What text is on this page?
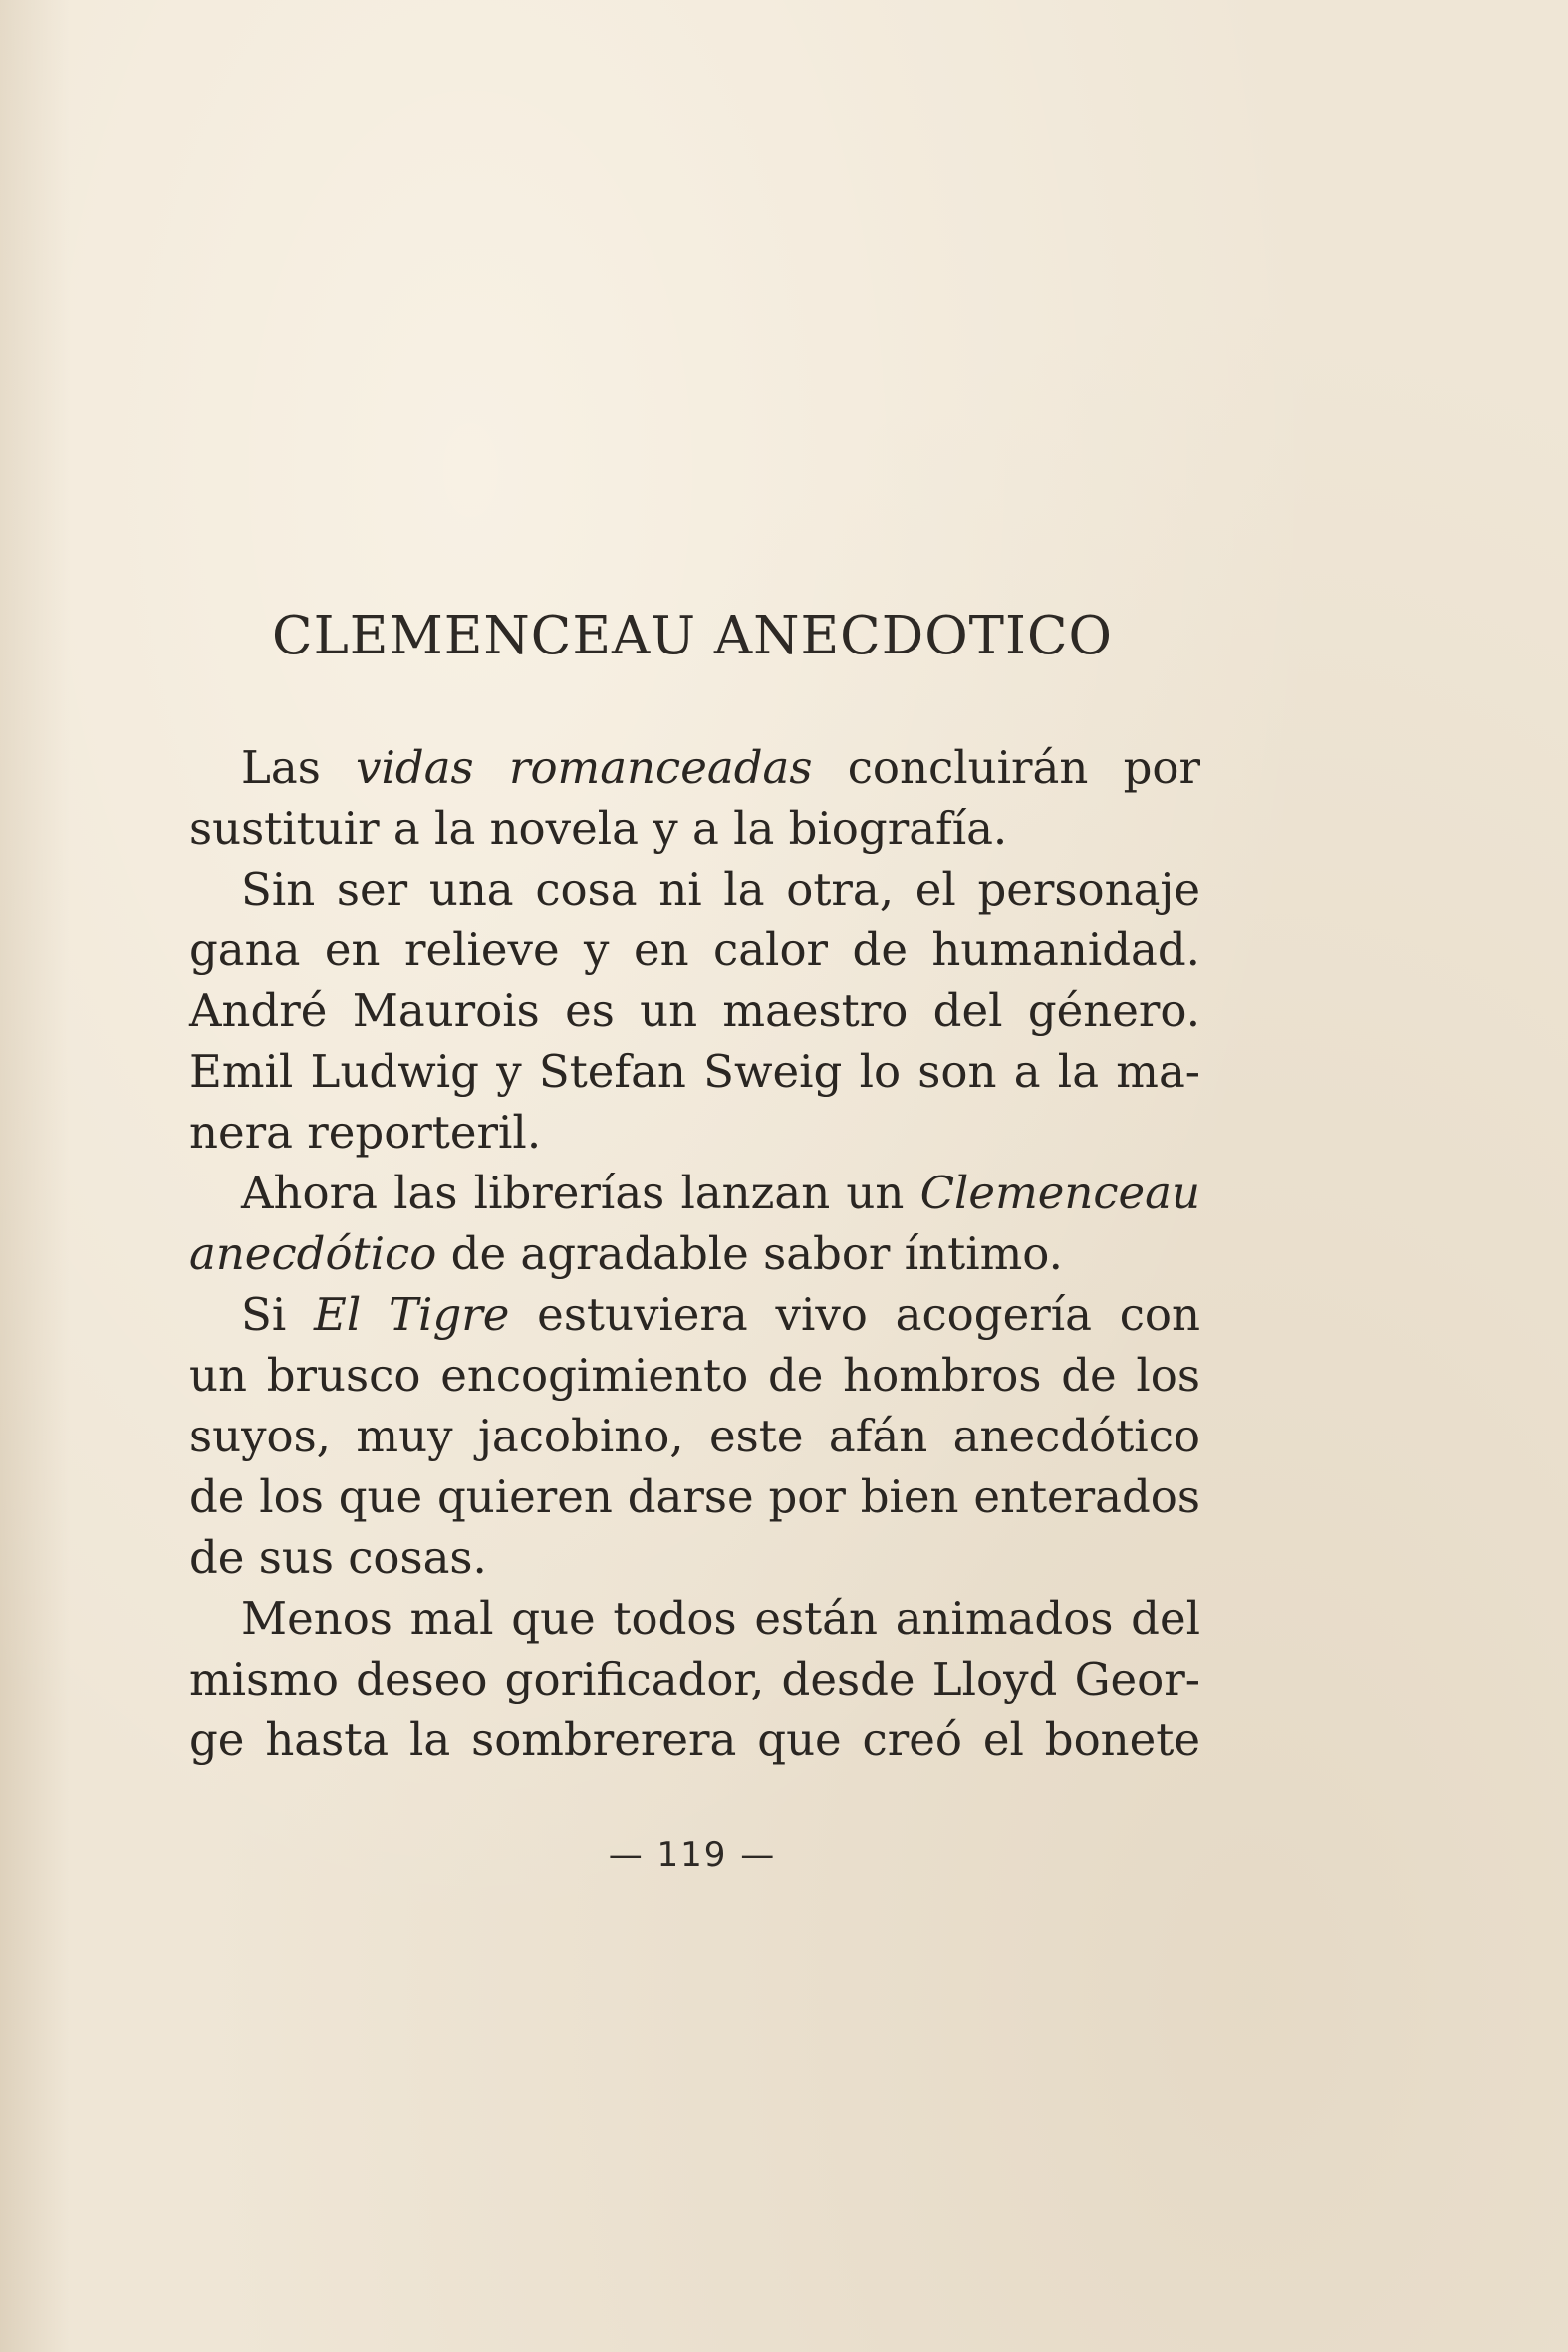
CLEMENCEAU ANECDOTICO
Las vidas romanceadas concluirán por
sustituir a la novela y a la biografía.
Sin ser una cosa ni la otra, el personaje
gana en relieve y en calor de humanidad.
André Maurois es un maestro del género.
Emil Ludwig y Stefan Sweig lo son a la ma-
nera reporteril.
Ahora las librerías lanzan un Clemenceau
anecdótico de agradable sabor íntimo.
Si El Tigre estuviera vivo acogería con
un brusco encogimiento de hombros de los
suyos, muy jacobino, este afán anecdótico
de los que quieren darse por bien enterados
de sus cosas.
Menos mal que todos están animados del
mismo deseo gorificador, desde Lloyd Geor-
ge hasta la sombrerera que creó el bonete
— 119 —
